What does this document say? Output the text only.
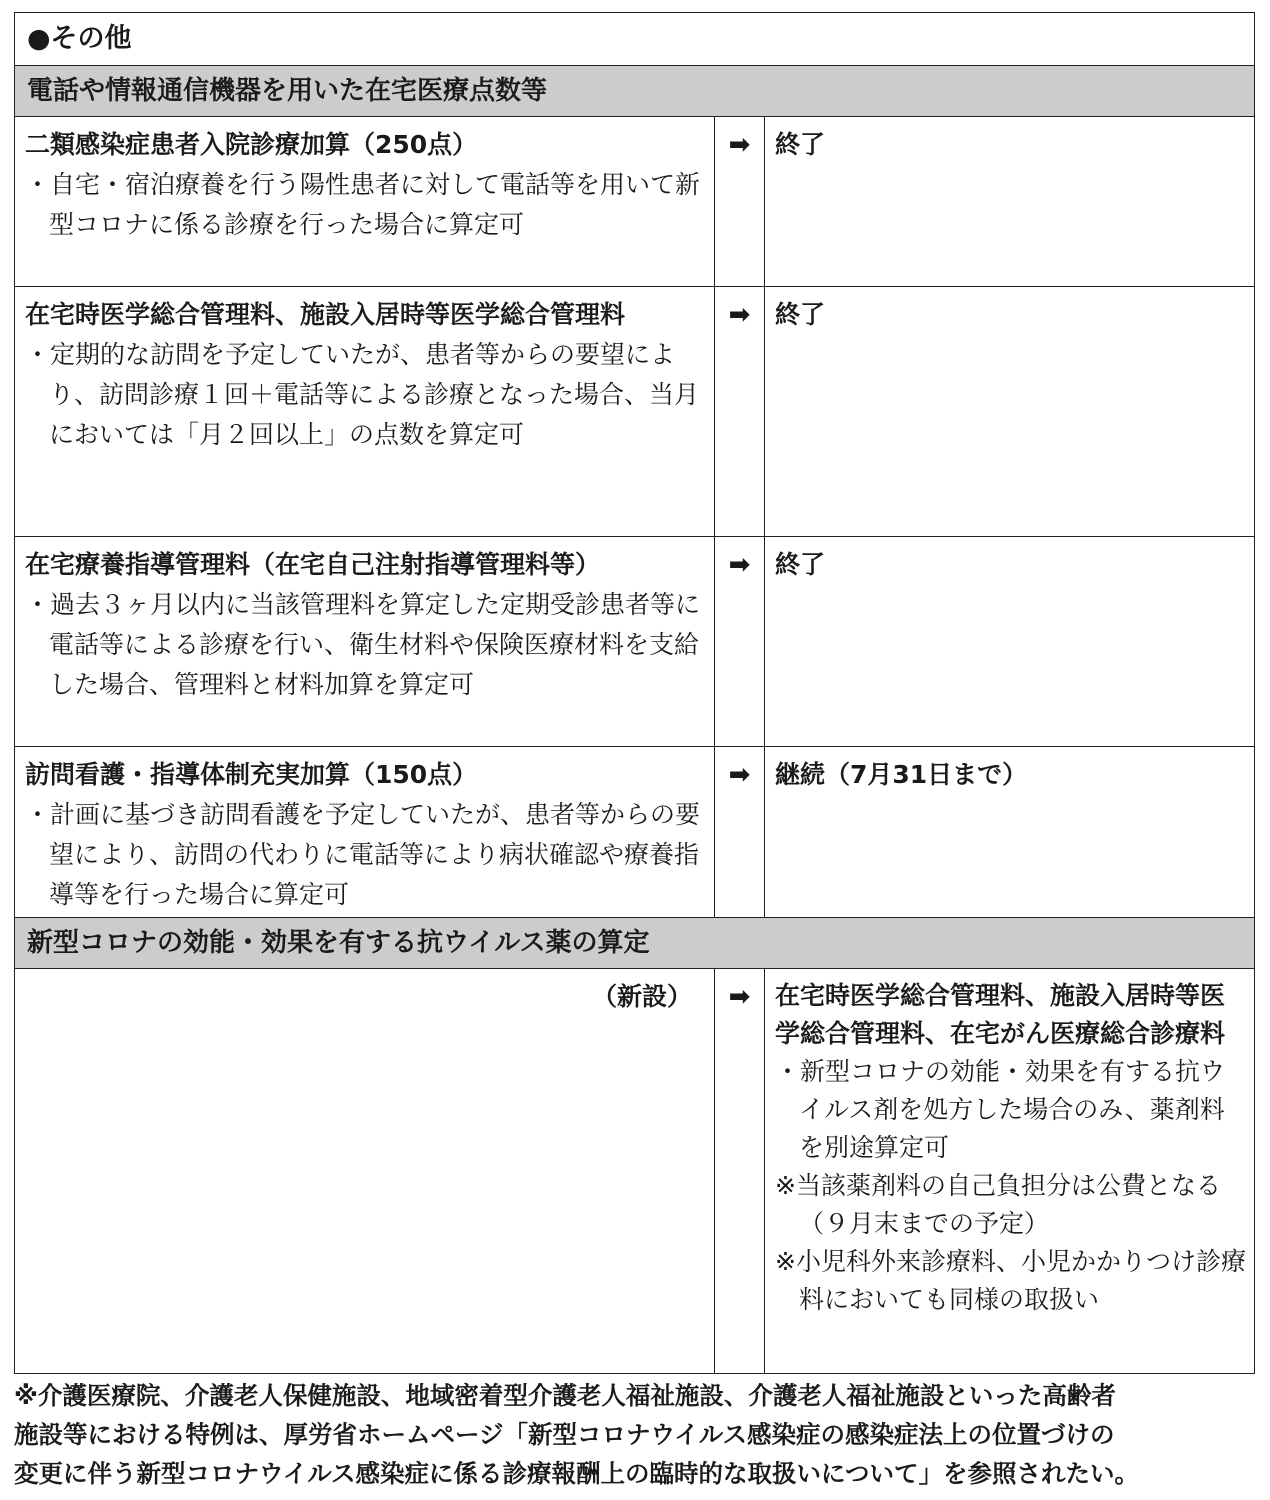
●その他		
電話や情報通信機器を用いた在宅医療点数等		

二類感染症患者入院診療加算（250点）
・自宅・宿泊療養を行う陽性患者に対して電話等を用いて新型コロナに係る診療を行った場合に算定可	➡	終了

在宅時医学総合管理料、施設入居時等医学総合管理料
・定期的な訪問を予定していたが、患者等からの要望により、訪問診療１回＋電話等による診療となった場合、当月においては「月２回以上」の点数を算定可	➡	終了

在宅療養指導管理料（在宅自己注射指導管理料等）
・過去３ヶ月以内に当該管理料を算定した定期受診患者等に電話等による診療を行い、衛生材料や保険医療材料を支給した場合、管理料と材料加算を算定可	➡	終了

訪問看護・指導体制充実加算（150点）
・計画に基づき訪問看護を予定していたが、患者等からの要望により、訪問の代わりに電話等により病状確認や療養指導等を行った場合に算定可	➡	継続（7月31日まで）

新型コロナの効能・効果を有する抗ウイルス薬の算定		

（新設）	➡	在宅時医学総合管理料、施設入居時等医学総合管理料、在宅がん医療総合診療料
・新型コロナの効能・効果を有する抗ウイルス剤を処方した場合のみ、薬剤料を別途算定可
※当該薬剤料の自己負担分は公費となる（９月末までの予定）
※小児科外来診療料、小児かかりつけ診療料においても同様の取扱い
※介護医療院、介護老人保健施設、地域密着型介護老人福祉施設、介護老人福祉施設といった高齢者
施設等における特例は、厚労省ホームページ「新型コロナウイルス感染症の感染症法上の位置づけの
変更に伴う新型コロナウイルス感染症に係る診療報酬上の臨時的な取扱いについて」を参照されたい。
